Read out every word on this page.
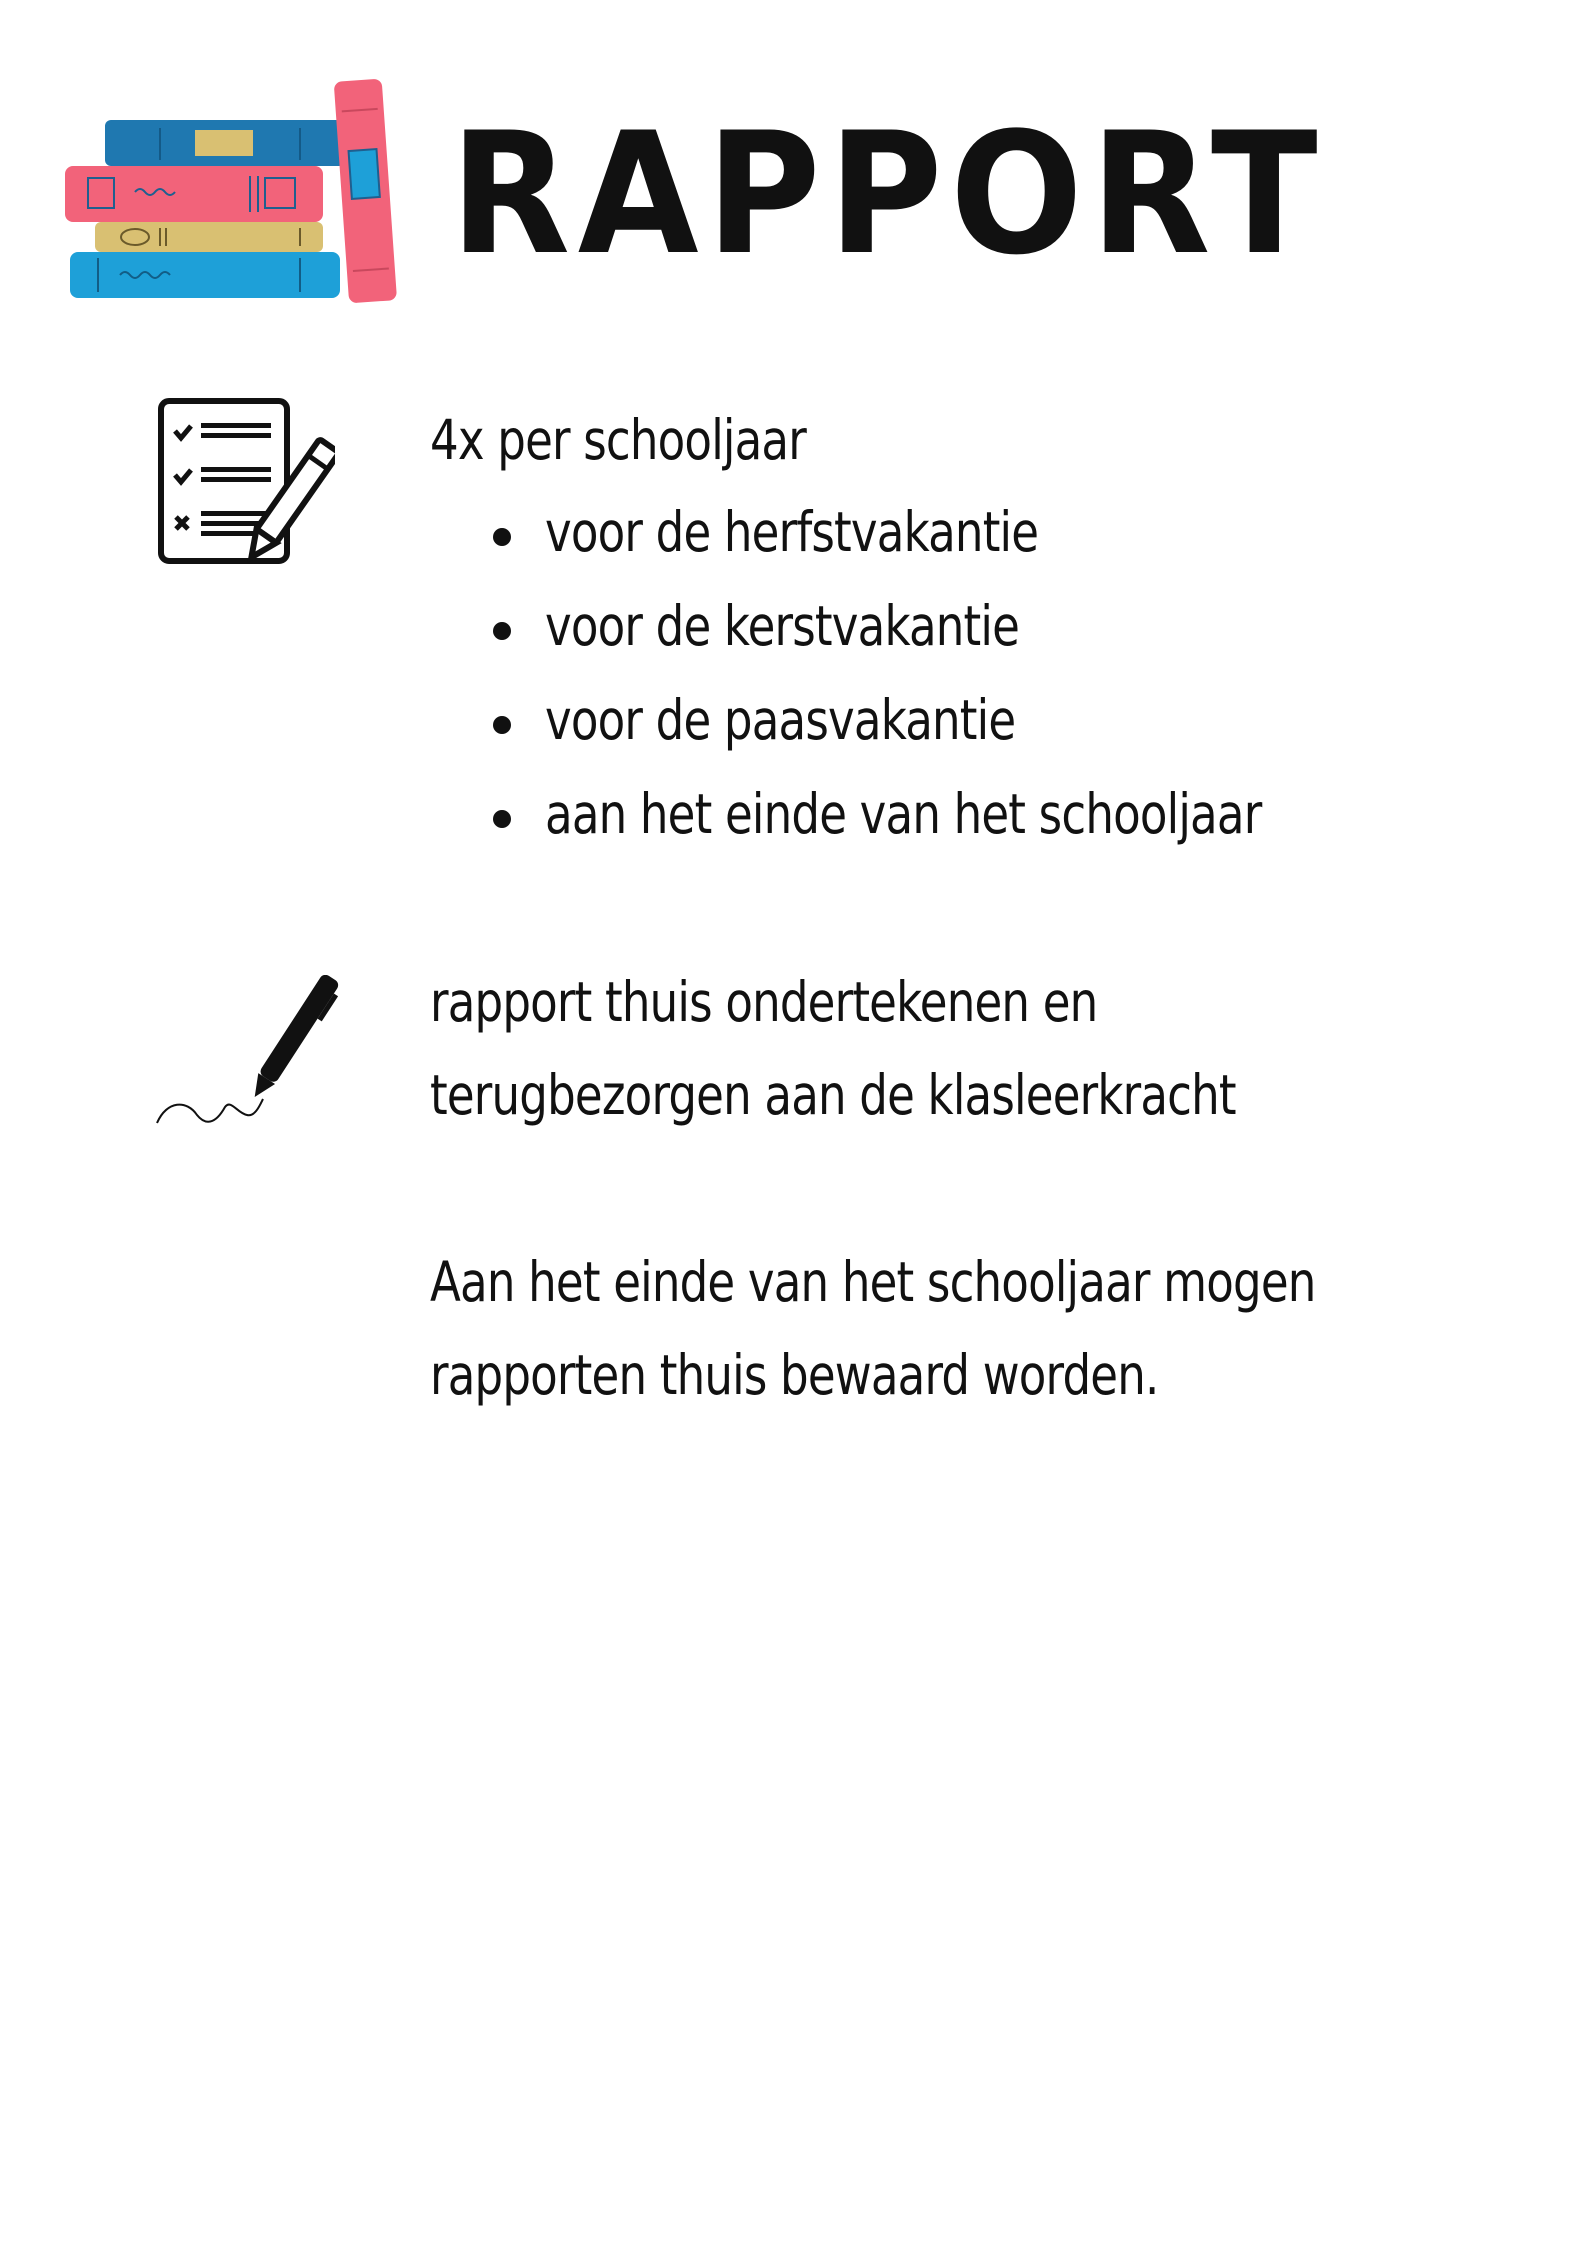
RAPPORT

4x per schooljaar

voor de herfstvakantie
voor de kerstvakantie
voor de paasvakantie
aan het einde van het schooljaar

rapport thuis ondertekenen en

terugbezorgen aan de klasleerkracht

Aan het einde van het schooljaar mogen

rapporten thuis bewaard worden.
